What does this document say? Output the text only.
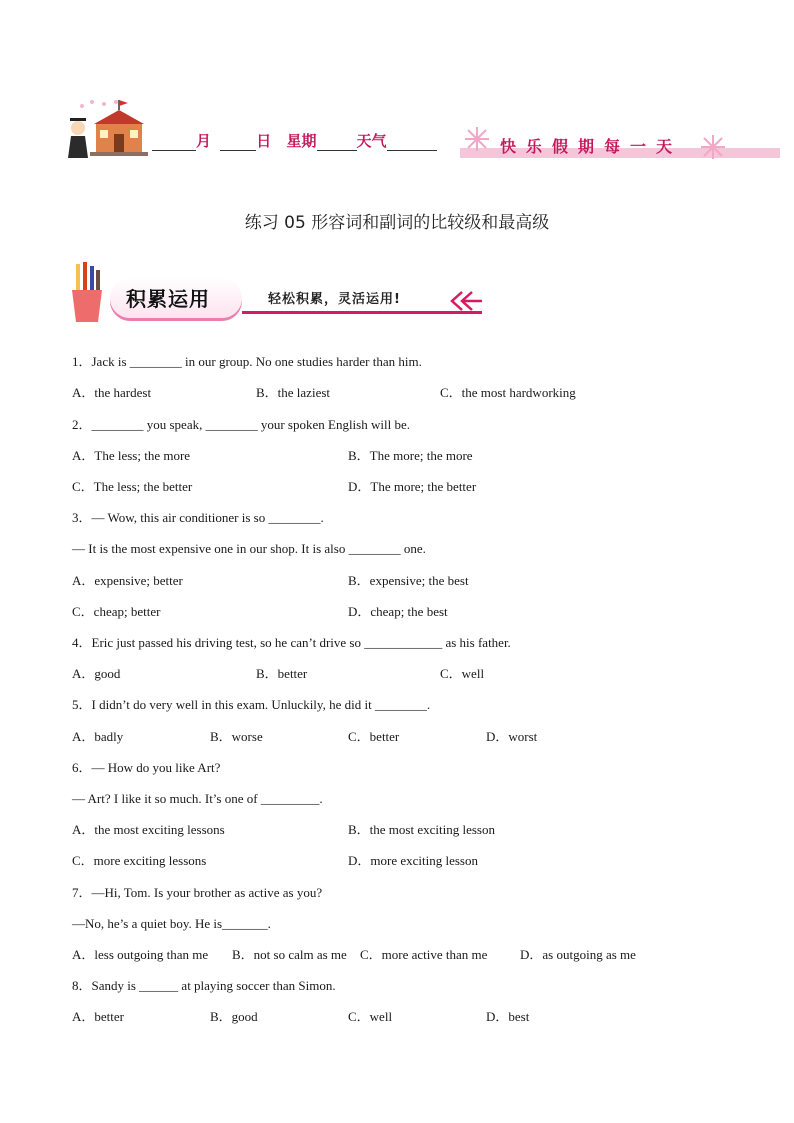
月	日 星期	天气	快乐假期每一天
练习 05 形容词和副词的比较级和最高级
积累运用	轻松积累，灵活运用!
1．Jack is ________ in our group. No one studies harder than him.
A．the hardest	B．the laziest	C．the most hardworking
2．________ you speak, ________ your spoken English will be.
A．The less; the more	B．The more; the more
C．The less; the better	D．The more; the better
3．— Wow, this air conditioner is so ________.
— It is the most expensive one in our shop. It is also ________ one.
A．expensive; better	B．expensive; the best
C．cheap; better	D．cheap; the best
4．Eric just passed his driving test, so he can’t drive so ____________ as his father.
A．good	B．better	C．well
5．I didn’t do very well in this exam. Unluckily, he did it ________.
A．badly	B．worse	C．better	D．worst
6．— How do you like Art?
— Art? I like it so much. It’s one of _________.
A．the most exciting lessons	B．the most exciting lesson
C．more exciting lessons	D．more exciting lesson
7．—Hi, Tom. Is your brother as active as you?
—No, he’s a quiet boy. He is_______.
A．less outgoing than me B．not so calm as me C．more active than me	D．as outgoing as me
8．Sandy is ______ at playing soccer than Simon.
A．better	B．good	C．well	D．best
